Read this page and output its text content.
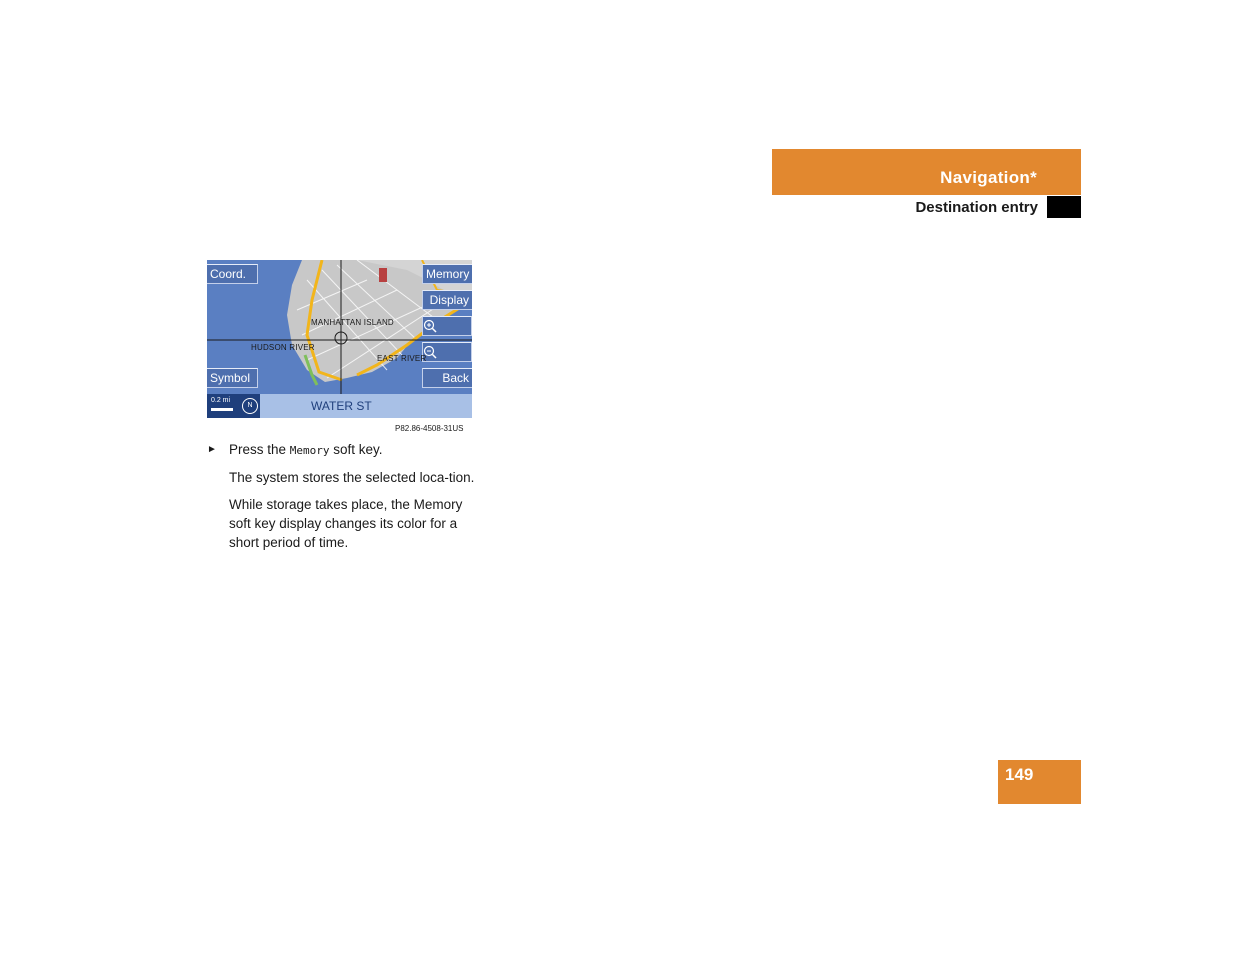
Navigation*
Destination entry
Coord.
Symbol
Memory
Display
Back
MANHATTAN ISLAND
HUDSON RIVER
EAST RIVER
0.2 mi
N	WATER ST
P82.86-4508-31US

► Press the Memory soft key.

The system stores the selected loca-tion.

While storage takes place, the Memory soft key display changes its color for a short period of time.

149
